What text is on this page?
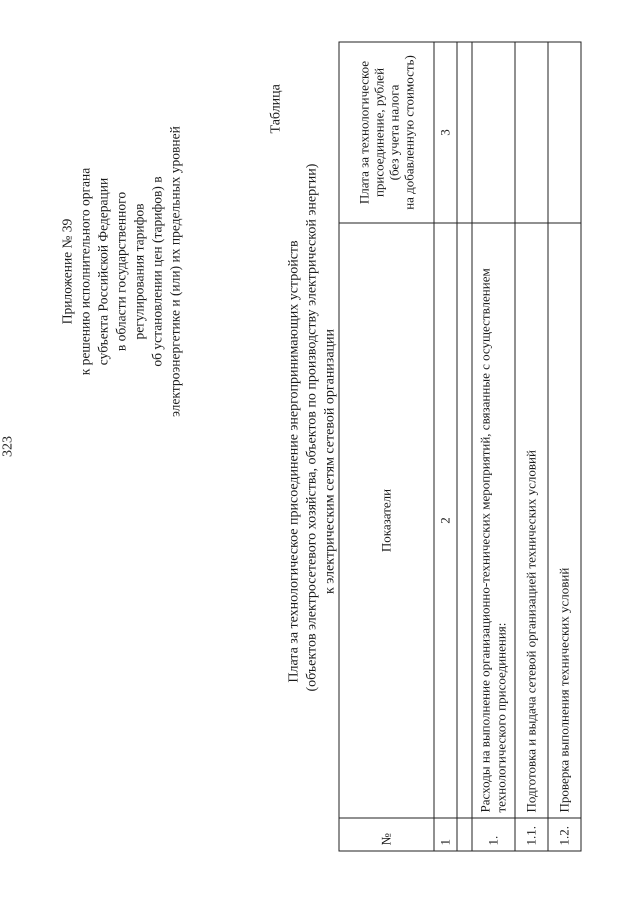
323
Приложение № 39 к решению исполнительного органа субъекта Российской Федерации в области государственного регулирования тарифов об установлении цен (тарифов) в электроэнергетике и (или) их предельных уровней
Таблица
Плата за технологическое присоединение энергопринимающих устройств (объектов электросетевого хозяйства, объектов по производству электрической энергии) к электрическим сетям сетевой организации
№	Показатели	Плата за технологическое присоединение, рублей (без учета налога на добавленную стоимость)

1	2	3

1.	Расходы на выполнение организационно-технических мероприятий, связанные с осуществлением технологического присоединения:	
1.1.	Подготовка и выдача сетевой организацией технических условий	
1.2.	Проверка выполнения технических условий	
